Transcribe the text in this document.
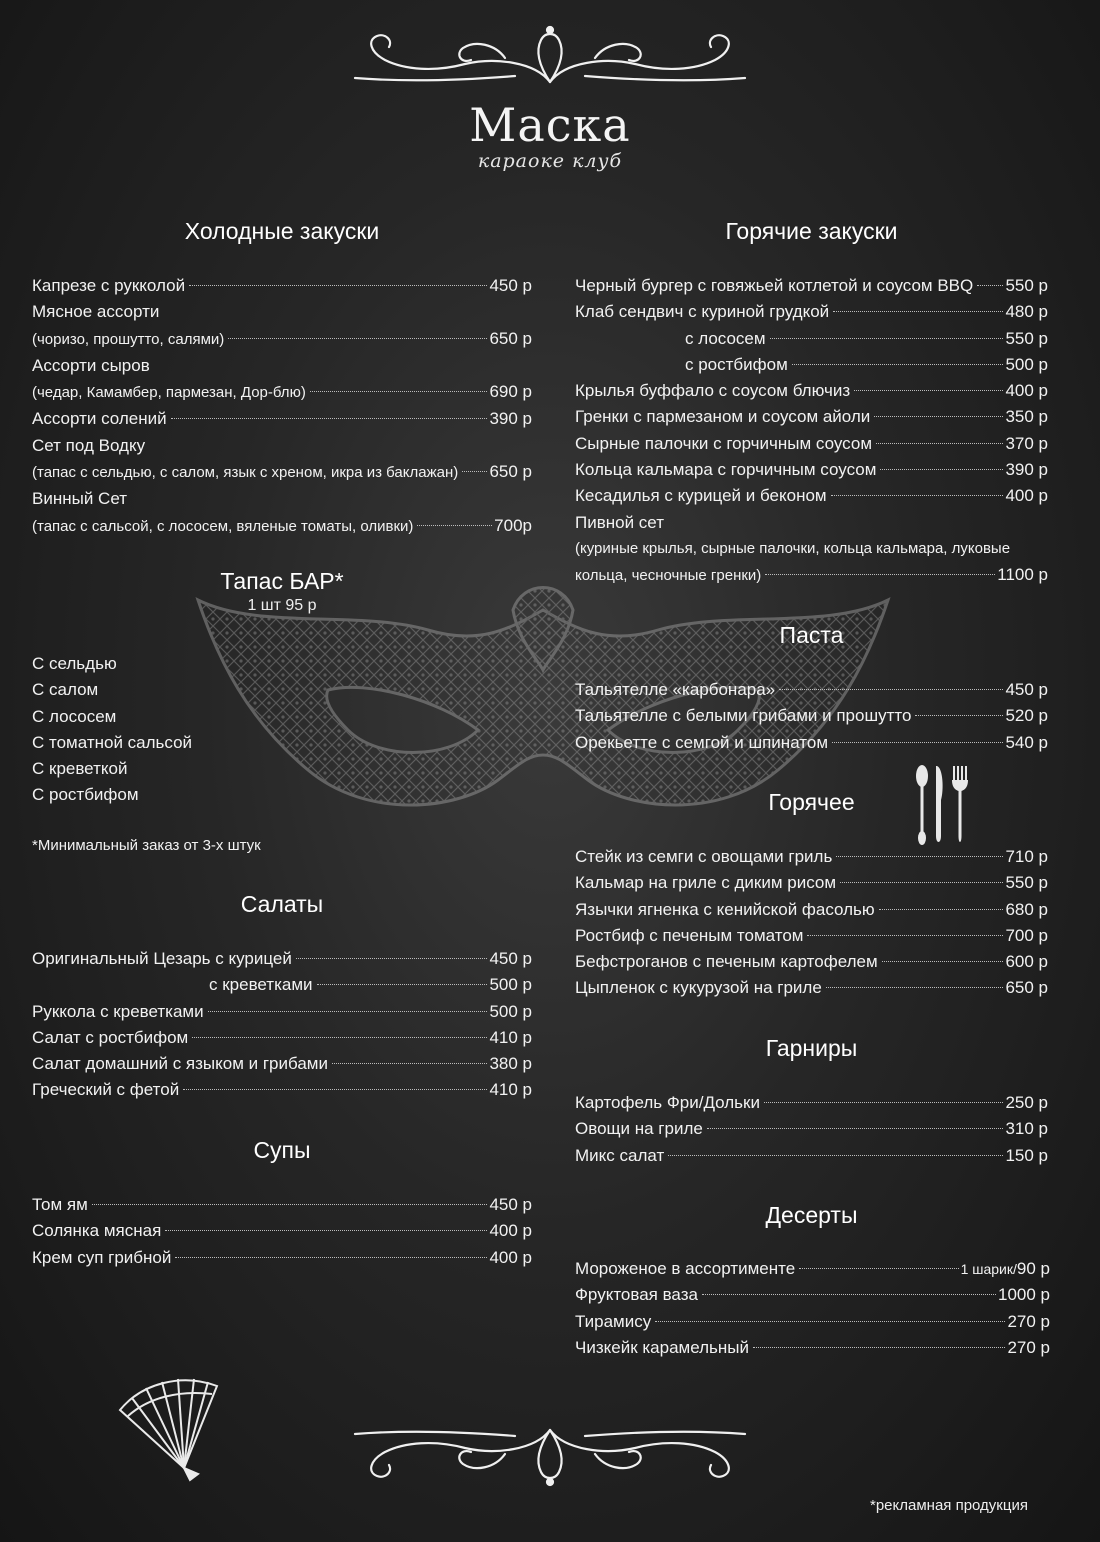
Маска
караоке клуб
Холодные закуски
Капрезе с рукколой	450 р
Мясное ассорти
(чоризо, прошутто, салями)	650 р
Ассорти сыров
(чедар, Камамбер, пармезан, Дор-блю)	690 р
Ассорти солений	390 р
Сет под Водку
(тапас с сельдью, с салом, язык с хреном, икра из баклажан) 650 р
Винный Сет
(тапас с сальсой, с лососем, вяленые томаты, оливки)	700р
Тапас БАР*
1 шт 95 р
С сельдью
С салом
С лососем
С томатной сальсой
С креветкой
С ростбифом
*Минимальный заказ от 3-х штук
Салаты
Оригинальный Цезарь с курицей	450 р
с креветками	500 р
Руккола с креветками	500 р
Салат с ростбифом	410 р
Салат домашний с языком и грибами	380 р
Греческий с фетой	410 р
Супы
Том ям	450 р
Солянка мясная	400 р
Крем суп грибной	400 р
Горячие закуски
Черный бургер с говяжьей котлетой и соусом BBQ 550 р
Клаб сендвич с куриной грудкой	480 р
с лососем	550 р
с ростбифом	500 р
Крылья буффало с соусом блючиз	400 р
Гренки с пармезаном и соусом айоли	350 р
Сырные палочки с горчичным соусом	370 р
Кольца кальмара с горчичным соусом	390 р
Кесадилья с курицей и беконом	400 р
Пивной сет
(куриные крылья, сырные палочки, кольца кальмара, луковые
кольца, чесночные гренки)	1100 р
Паста
Тальятелле «карбонара»	450 р
Тальятелле с белыми грибами и прошутто	520 р
Орекьетте с семгой и шпинатом	540 р
Горячее
Стейк из семги с овощами гриль	710 р
Кальмар на гриле с диким рисом	550 р
Язычки ягненка с кенийской фасолью	680 р
Ростбиф с печеным томатом	700 р
Бефстроганов с печеным картофелем	600 р
Цыпленок с кукурузой на гриле	650 р
Гарниры
Картофель Фри/Дольки	250 р
Овощи на гриле	310 р
Микс салат	150 р
Десерты
Мороженое в ассортименте	1 шарик/90 р
Фруктовая ваза	1000 р
Тирамису	270 р
Чизкейк карамельный	270 р
*рекламная продукция
